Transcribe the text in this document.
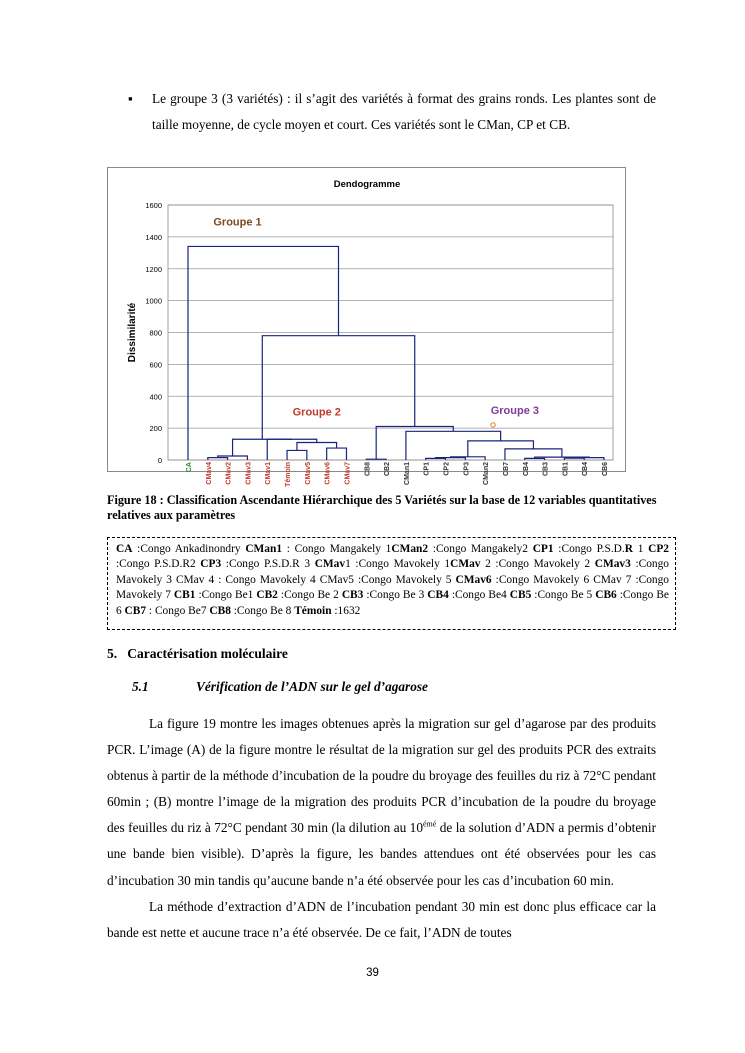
▪ Le groupe 3 (3 variétés) : il s’agit des variétés à format des grains ronds. Les plantes sont de taille moyenne, de cycle moyen et court. Ces variétés sont le CMan, CP et CB.
Dendogramme
0
200
400
600
800
1000
1200
1400
1600
Dissimilarité
CA CMav4 CMav2 CMav3 CMav1 Témoin CMav5 CMav6 CMav7 CB8 CB2 CMan1 CP1 CP2 CP3 CMan2 CB7 CB4 CB3 CB1 CB4 CB6
Groupe 1
Groupe 2	Groupe 3
Figure 18 : Classification Ascendante Hiérarchique des 5 Variétés sur la base de 12 variables quantitatives relatives aux paramètres
CA :Congo Ankadinondry CMan1 : Congo Mangakely 1CMan2 :Congo Mangakely2 CP1 :Congo P.S.D.R 1 CP2 :Congo P.S.D.R2 CP3 :Congo P.S.D.R 3 CMav1 :Congo Mavokely 1CMav 2 :Congo Mavokely 2 CMav3 :Congo Mavokely 3 CMav 4 : Congo Mavokely 4 CMav5 :Congo Mavokely 5 CMav6 :Congo Mavokely 6 CMav 7 :Congo Mavokely 7 CB1 :Congo Be1 CB2 :Congo Be 2 CB3 :Congo Be 3 CB4 :Congo Be4 CB5 :Congo Be 5 CB6 :Congo Be 6 CB7 : Congo Be7 CB8 :Congo Be 8 Témoin :1632
5. Caractérisation moléculaire
5.1	Vérification de l’ADN sur le gel d’agarose

La figure 19 montre les images obtenues après la migration sur gel d’agarose par des produits PCR. L’image (A) de la figure montre le résultat de la migration sur gel des produits PCR des extraits obtenus à partir de la méthode d’incubation de la poudre du broyage des feuilles du riz à 72°C pendant 60min ; (B) montre l’image de la migration des produits PCR d’incubation de la poudre du broyage des feuilles du riz à 72°C pendant 30 min (la dilution au $10^{émé}$ de la solution d’ADN a permis d’obtenir une bande bien visible). D’après la figure, les bandes attendues ont été observées pour les cas d’incubation 30 min tandis qu’aucune bande n’a été observée pour les cas d’incubation 60 min.

La méthode d’extraction d’ADN de l’incubation pendant 30 min est donc plus efficace car la bande est nette et aucune trace n’a été observée. De ce fait, l’ADN de toutes

39
